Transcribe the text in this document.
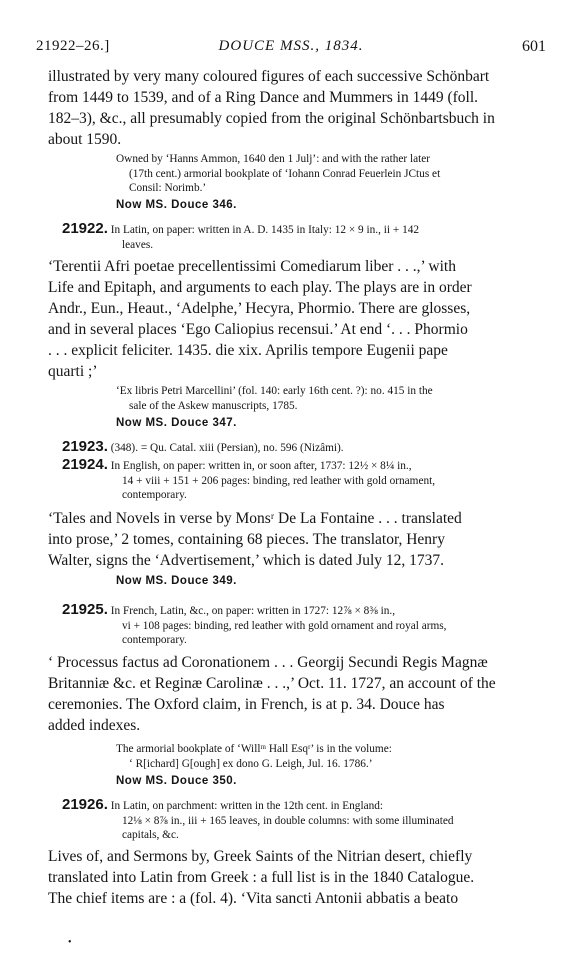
21922–26.]	DOUCE MSS., 1834.	601
illustrated by very many coloured figures of each successive Schönbart
from 1449 to 1539, and of a Ring Dance and Mummers in 1449 (foll.
182–3), &c., all presumably copied from the original Schönbartsbuch in
about 1590.
Owned by ‘Hanns Ammon, 1640 den 1 Julj’: and with the rather later
(17th cent.) armorial bookplate of ‘Iohann Conrad Feuerlein JCtus et
Consil: Norimb.’
Now MS. Douce 346.
21922. In Latin, on paper: written in A. D. 1435 in Italy: 12 × 9 in., ii + 142
leaves.
‘Terentii Afri poetae precellentissimi Comediarum liber . . .,’ with
Life and Epitaph, and arguments to each play. The plays are in order
Andr., Eun., Heaut., ‘Adelphe,’ Hecyra, Phormio. There are glosses,
and in several places ‘Ego Caliopius recensui.’ At end ‘. . . Phormio
. . . explicit feliciter. 1435. die xix. Aprilis tempore Eugenii pape
quarti ;’
‘Ex libris Petri Marcellini’ (fol. 140: early 16th cent. ?): no. 415 in the
sale of the Askew manuscripts, 1785.
Now MS. Douce 347.
21923. (348). = Qu. Catal. xiii (Persian), no. 596 (Nizâmi).
21924. In English, on paper: written in, or soon after, 1737: 12½ × 8¼ in.,
14 + viii + 151 + 206 pages: binding, red leather with gold ornament,
contemporary.
‘Tales and Novels in verse by Monsʳ De La Fontaine . . . translated
into prose,’ 2 tomes, containing 68 pieces. The translator, Henry
Walter, signs the ‘Advertisement,’ which is dated July 12, 1737.
Now MS. Douce 349.
21925. In French, Latin, &c., on paper: written in 1727: 12⅞ × 8⅜ in.,
vi + 108 pages: binding, red leather with gold ornament and royal arms,
contemporary.
‘ Processus factus ad Coronationem . . . Georgij Secundi Regis Magnæ
Britanniæ &c. et Reginæ Carolinæ . . .,’ Oct. 11. 1727, an account of the
ceremonies. The Oxford claim, in French, is at p. 34. Douce has
added indexes.
The armorial bookplate of ‘Willᵐ Hall Esqʳ’ is in the volume:
‘ R[ichard] G[ough] ex dono G. Leigh, Jul. 16. 1786.’
Now MS. Douce 350.
21926. In Latin, on parchment: written in the 12th cent. in England:
12⅛ × 8⅞ in., iii + 165 leaves, in double columns: with some illuminated
capitals, &c.
Lives of, and Sermons by, Greek Saints of the Nitrian desert, chiefly
translated into Latin from Greek : a full list is in the 1840 Catalogue.
The chief items are : a (fol. 4). ‘Vita sancti Antonii abbatis a beato
•
